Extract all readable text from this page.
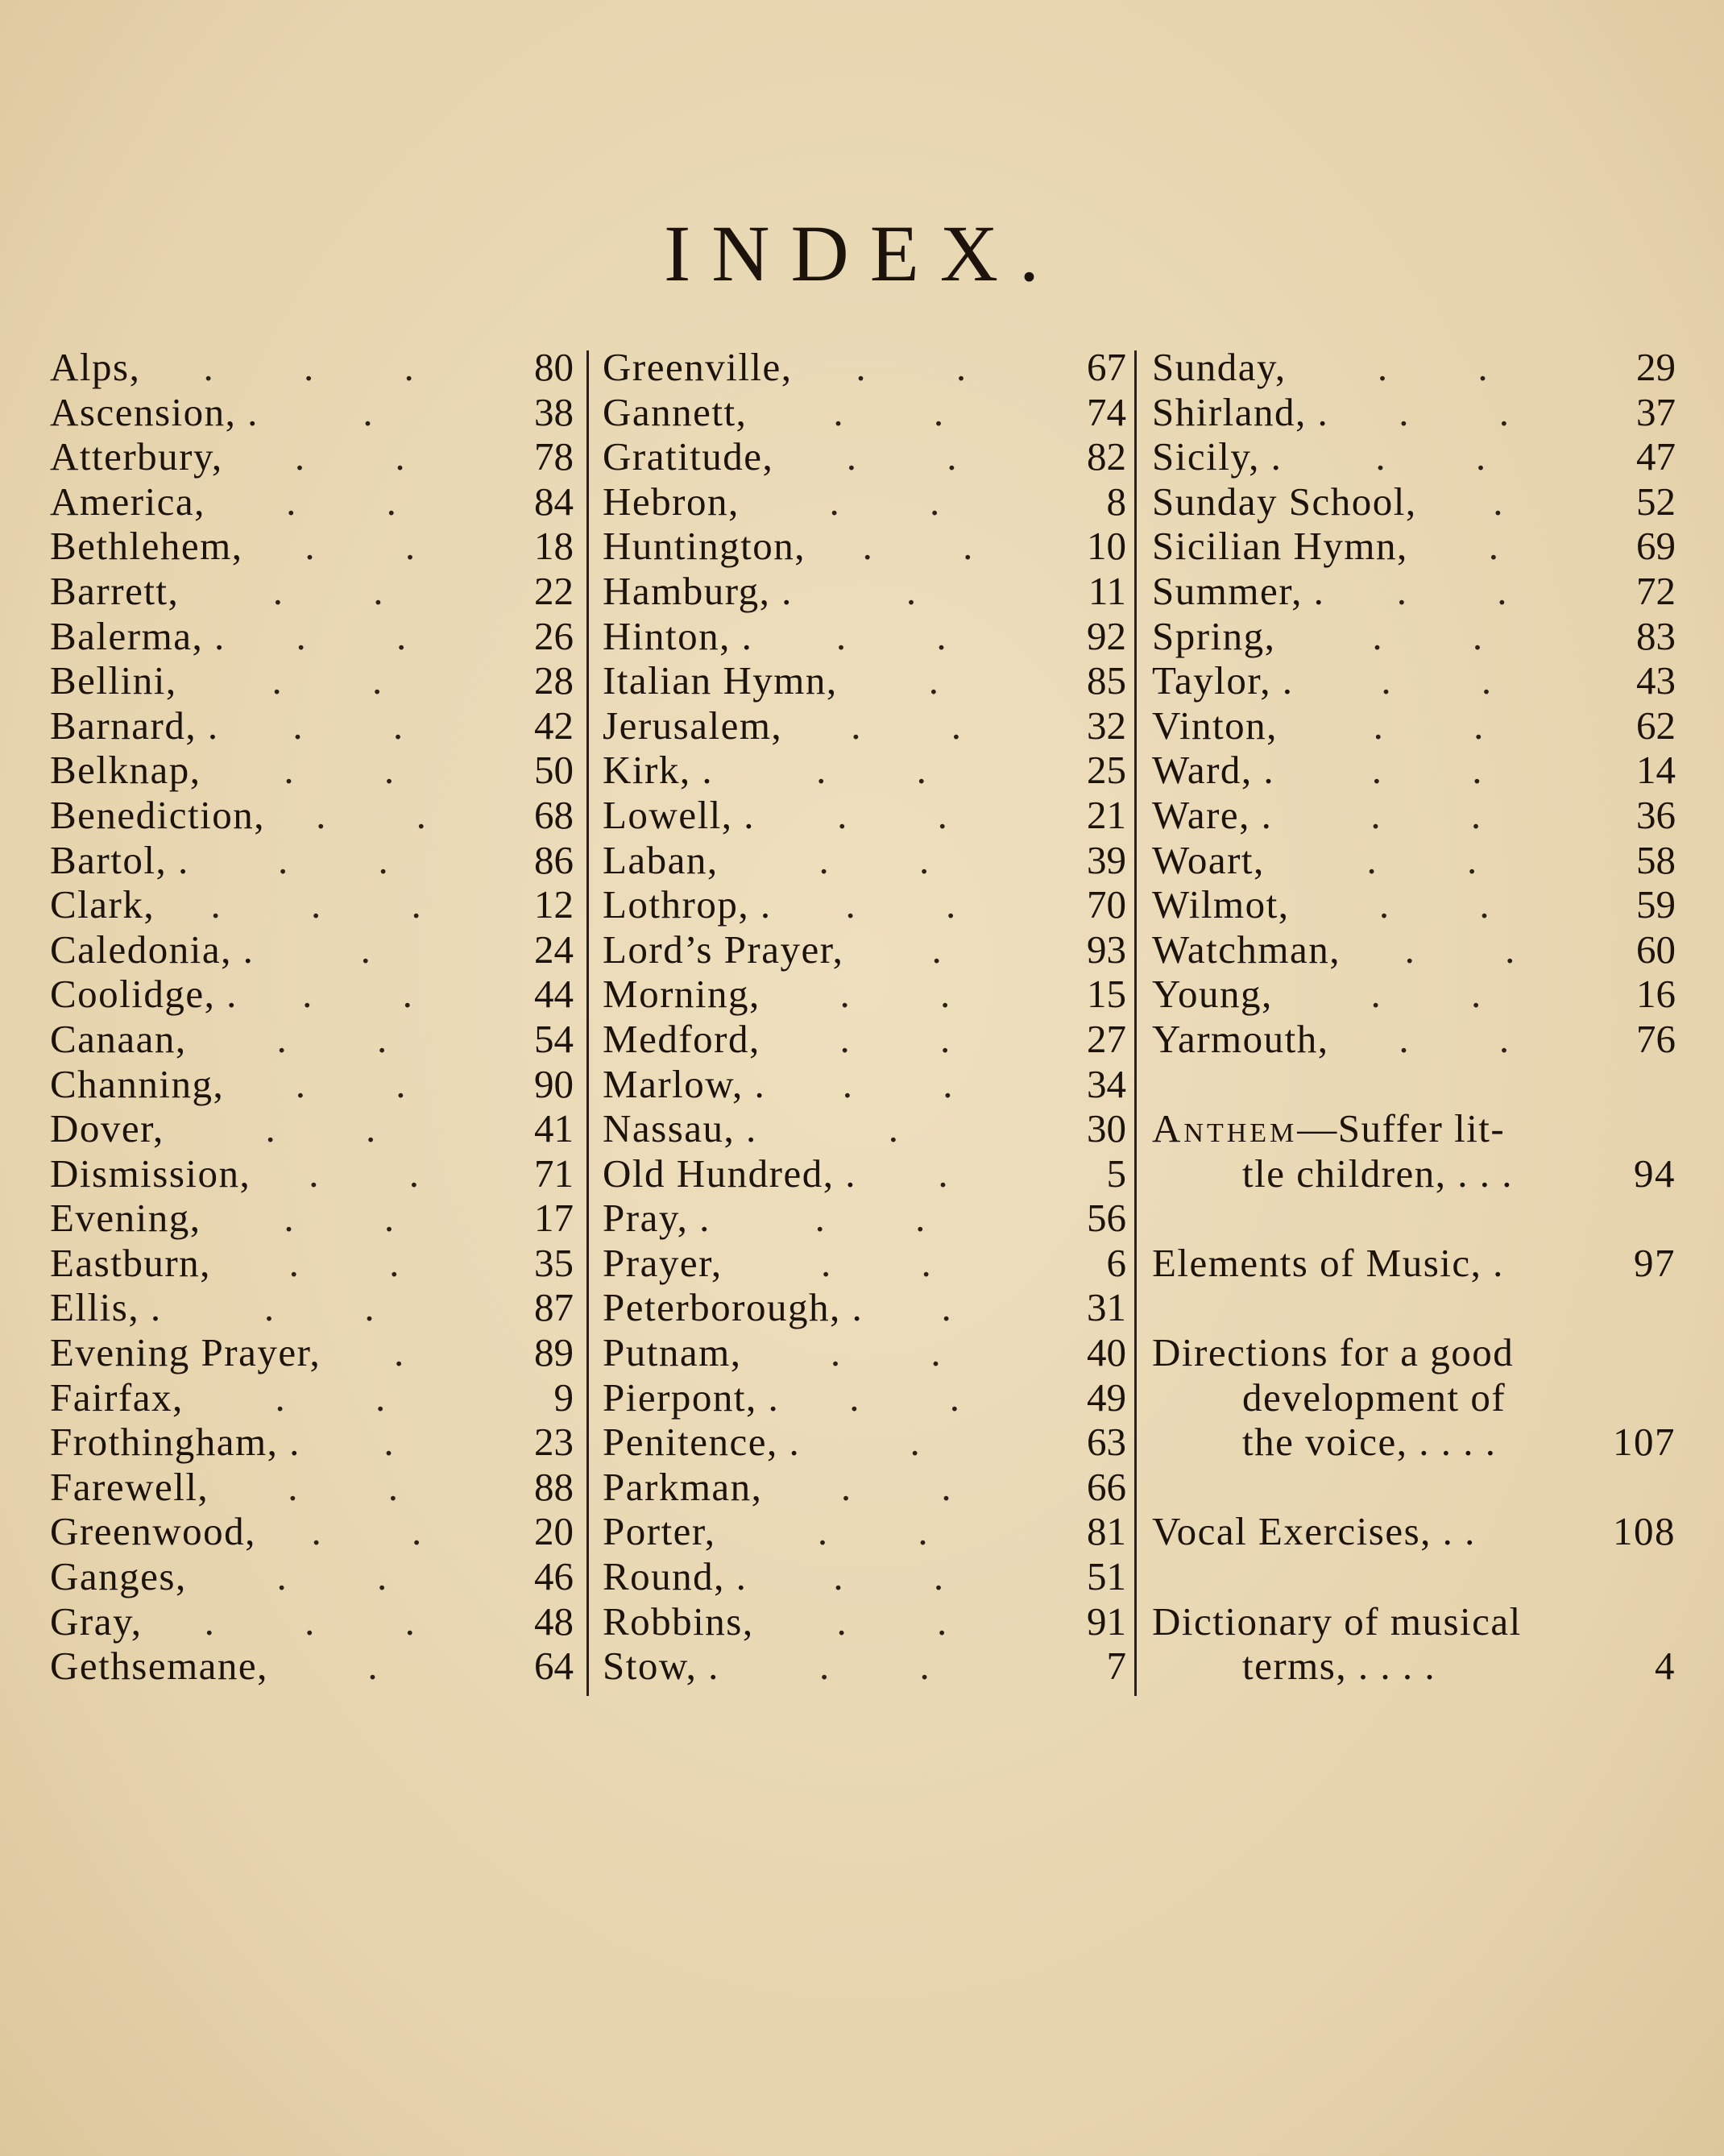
INDEX.
Alps,	. . .	80
Ascension, .	.	38
Atterbury,	. .	78
America,	. .	84
Bethlehem,	. .	18
Barrett,	. .	22
Balerma, .	. .	26
Bellini,	. .	28
Barnard, .	. .	42
Belknap,	. .	50
Benediction,	. .	68
Bartol, .	. .	86
Clark,	. . .	12
Caledonia, .	.	24
Coolidge, .	. .	44
Canaan,	. .	54
Channing,	. .	90
Dover,	. .	41
Dismission,	. .	71
Evening,	. .	17
Eastburn,	. .	35
Ellis, .	. .	87
Evening Prayer,	.	89
Fairfax,	. .	9
Frothingham, .	.	23
Farewell,	. .	88
Greenwood,	. .	20
Ganges,	. .	46
Gray,	. . .	48
Gethsemane,	.	64
Greenville,	. .	67
Gannett,	. .	74
Gratitude,	. .	82
Hebron,	. .	8
Huntington,	. .	10
Hamburg, .	.	11
Hinton, .	. .	92
Italian Hymn,	.	85
Jerusalem,	. .	32
Kirk, .	. .	25
Lowell, .	. .	21
Laban,	. .	39
Lothrop, .	. .	70
Lord’s Prayer,	.	93
Morning,	. .	15
Medford,	. .	27
Marlow, .	. .	34
Nassau, .	.	30
Old Hundred, .	.	5
Pray, .	. .	56
Prayer,	. .	6
Peterborough, .	.	31
Putnam,	. .	40
Pierpont, .	. .	49
Penitence, .	.	63
Parkman,	. .	66
Porter,	. .	81
Round, .	. .	51
Robbins,	. .	91
Stow, .	. .	7
Sunday,	. .	29
Shirland, .	. .	37
Sicily, .	. .	47
Sunday School,	.	52
Sicilian Hymn,	.	69
Summer, .	. .	72
Spring,	. .	83
Taylor, .	. .	43
Vinton,	. .	62
Ward, .	. .	14
Ware, .	. .	36
Woart,	. .	58
Wilmot,	. .	59
Watchman,	. .	60
Young,	. .	16
Yarmouth,	. .	76
Anthem—Suffer lit-
tle children, . . .	94
Elements of Music, .	97
Directions for a good
development of
the voice, . . . .	107
Vocal Exercises, . .	108
Dictionary of musical
terms, . . . .	4
